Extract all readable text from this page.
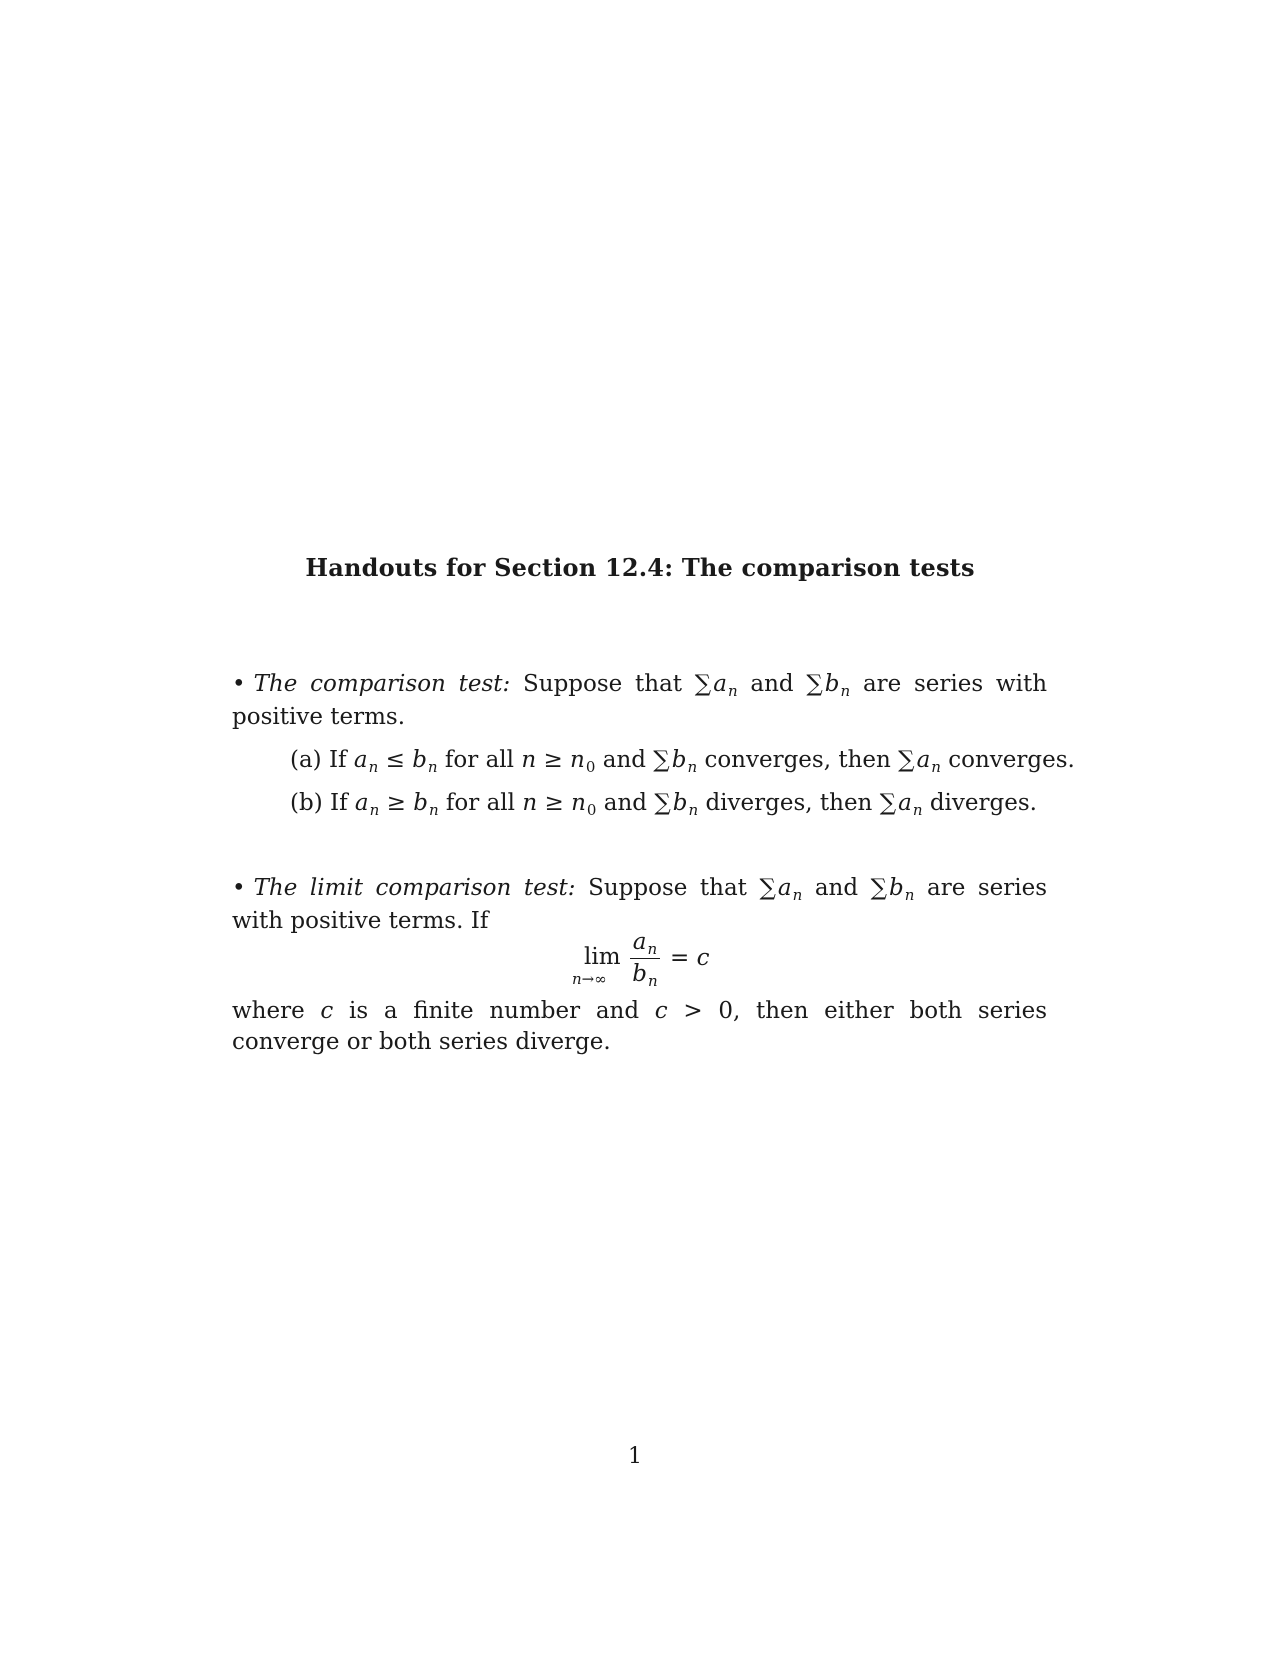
Handouts for Section 12.4: The comparison tests
• The comparison test: Suppose that $\sum a_n$ and $\sum b_n$ are series with positive terms.
(a) If $a_n \le b_n$ for all $n \ge n_0$ and $\sum b_n$ converges, then $\sum a_n$ converges.
(b) If $a_n \ge b_n$ for all $n \ge n_0$ and $\sum b_n$ diverges, then $\sum a_n$ diverges.
• The limit comparison test: Suppose that $\sum a_n$ and $\sum b_n$ are series with positive terms. If
lim
n→∞
$a_n$
$b_n$
= c
where c is a finite number and c > 0, then either both series converge or both series diverge.
1
